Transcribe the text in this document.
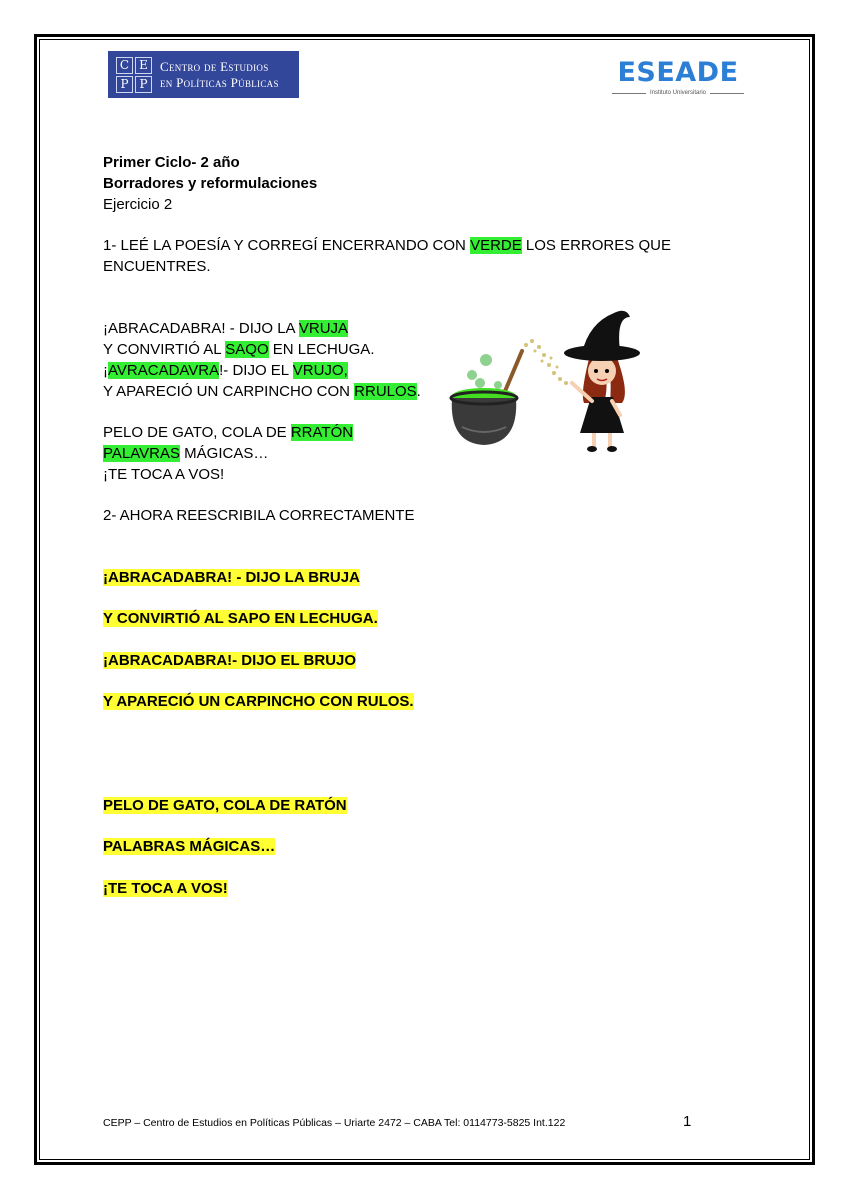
C E
P P
Centro de Estudios
en Políticas Públicas	ESEADE
Instituto Universitario
Primer Ciclo- 2 año
Borradores y reformulaciones
Ejercicio 2
1- LEÉ LA POESÍA Y CORREGÍ ENCERRANDO CON VERDE LOS ERRORES QUE
ENCUENTRES.
¡ABRACADABRA! - DIJO LA VRUJA
Y CONVIRTIÓ AL SAQO EN LECHUGA.
¡AVRACADAVRA!- DIJO EL VRUJO,
Y APARECIÓ UN CARPINCHO CON RRULOS.
PELO DE GATO, COLA DE RRATÓN
PALAVRAS MÁGICAS…
¡TE TOCA A VOS!
2- AHORA REESCRIBILA CORRECTAMENTE
¡ABRACADABRA! - DIJO LA BRUJA
Y CONVIRTIÓ AL SAPO EN LECHUGA.
¡ABRACADABRA!- DIJO EL BRUJO
Y APARECIÓ UN CARPINCHO CON RULOS.
PELO DE GATO, COLA DE RATÓN
PALABRAS MÁGICAS…
¡TE TOCA A VOS!
CEPP – Centro de Estudios en Políticas Públicas – Uriarte 2472 – CABA Tel: 0114773-5825 Int.122	1
